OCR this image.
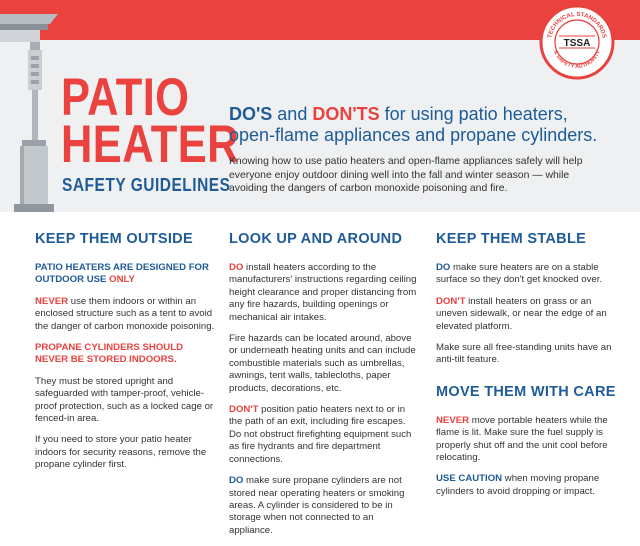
TECHNICAL STANDARDS
& SAFETY AUTHORITY
TSSA
PATIO
HEATER
SAFETY GUIDELINES
DO'S and DON'TS for using patio heaters,
open-flame appliances and propane cylinders.
Knowing how to use patio heaters and open-flame appliances safely will help everyone enjoy outdoor dining well into the fall and winter season — while avoiding the dangers of carbon monoxide poisoning and fire.
KEEP THEM OUTSIDE

PATIO HEATERS ARE DESIGNED FOR OUTDOOR USE ONLY

NEVER use them indoors or within an enclosed structure such as a tent to avoid the danger of carbon monoxide poisoning.

PROPANE CYLINDERS SHOULD NEVER BE STORED INDOORS.

They must be stored upright and safeguarded with tamper-proof, vehicle-proof protection, such as a locked cage or fenced-in area.

If you need to store your patio heater indoors for security reasons, remove the propane cylinder first.

LOOK UP AND AROUND

DO install heaters according to the manufacturers' instructions regarding ceiling height clearance and proper distancing from any fire hazards, building openings or mechanical air intakes.

Fire hazards can be located around, above or underneath heating units and can include combustible materials such as umbrellas, awnings, tent walls, tablecloths, paper products, decorations, etc.

DON'T position patio heaters next to or in the path of an exit, including fire escapes. Do not obstruct firefighting equipment such as fire hydrants and fire department connections.

DO make sure propane cylinders are not stored near operating heaters or smoking areas. A cylinder is considered to be in storage when not connected to an appliance.

KEEP THEM STABLE

DO make sure heaters are on a stable surface so they don't get knocked over.

DON'T install heaters on grass or an uneven sidewalk, or near the edge of an elevated platform.

Make sure all free-standing units have an anti-tilt feature.

MOVE THEM WITH CARE

NEVER move portable heaters while the flame is lit. Make sure the fuel supply is properly shut off and the unit cool before relocating.

USE CAUTION when moving propane cylinders to avoid dropping or impact.
